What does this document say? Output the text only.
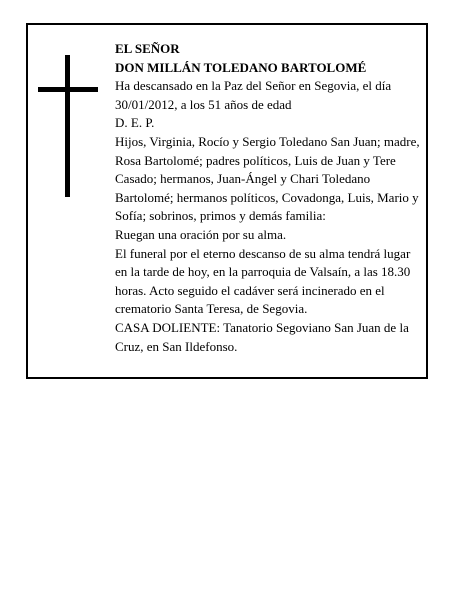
EL SEÑOR

DON MILLÁN TOLEDANO BARTOLOMÉ

Ha descansado en la Paz del Señor en Segovia, el día 30/01/2012, a los 51 años de edad

D. E. P.

Hijos, Virginia, Rocío y Sergio Toledano San Juan; madre, Rosa Bartolomé; padres políticos, Luis de Juan y Tere Casado; hermanos, Juan-Ángel y Chari Toledano Bartolomé; hermanos políticos, Covadonga, Luis, Mario y Sofía; sobrinos, primos y demás familia:

Ruegan una oración por su alma.

El funeral por el eterno descanso de su alma tendrá lugar en la tarde de hoy, en la parroquia de Valsaín, a las 18.30 horas. Acto seguido el cadáver será incinerado en el crematorio Santa Teresa, de Segovia.

CASA DOLIENTE: Tanatorio Segoviano San Juan de la Cruz, en San Ildefonso.
